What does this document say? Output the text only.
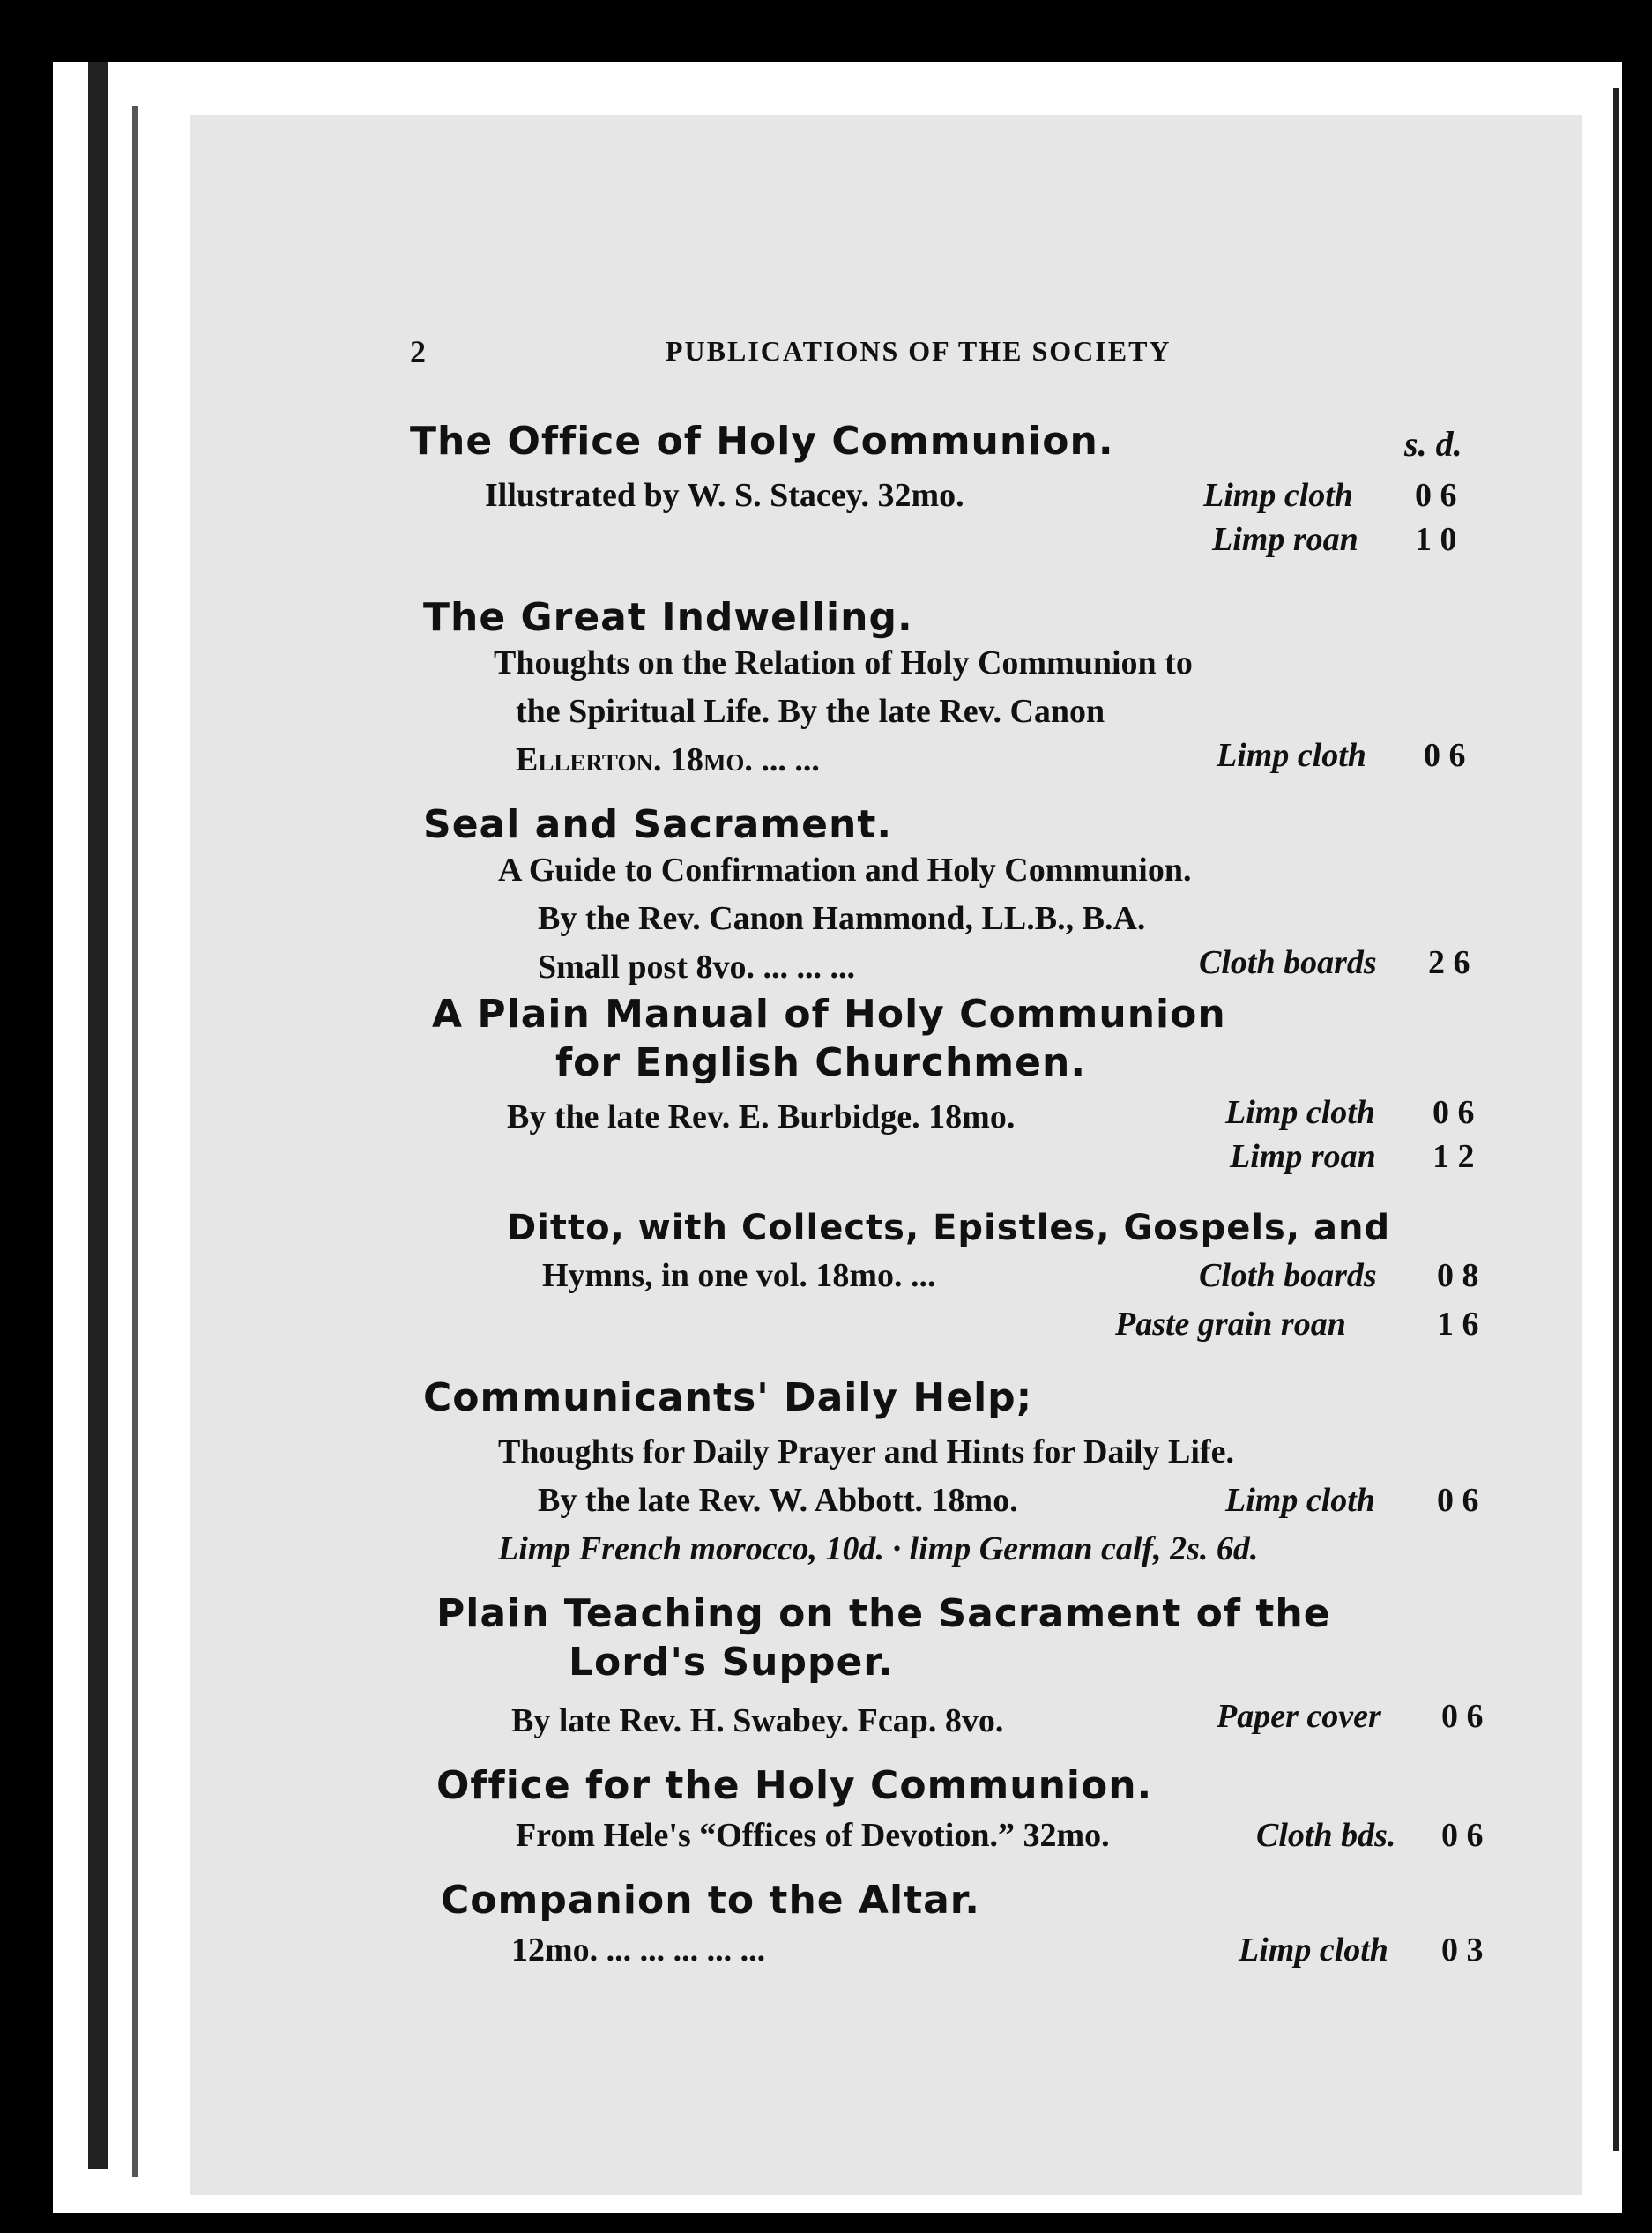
2	PUBLICATIONS OF THE SOCIETY
s. d.
The Office of Holy Communion.
Illustrated by W. S. Stacey. 32mo.	Limp cloth 0 6
Limp roan 1 0
The Great Indwelling.
Thoughts on the Relation of Holy Communion to
the Spiritual Life. By the late Rev. Canon
Ellerton. 18mo. ... ...	Limp cloth 0 6
Seal and Sacrament.
A Guide to Confirmation and Holy Communion.
By the Rev. Canon Hammond, LL.B., B.A.
Small post 8vo. ... ... ...	Cloth boards 2 6
A Plain Manual of Holy Communion
for English Churchmen.
By the late Rev. E. Burbidge. 18mo.	Limp cloth 0 6
Limp roan 1 2
Ditto, with Collects, Epistles, Gospels, and
Hymns, in one vol. 18mo. ...	Cloth boards 0 8
Paste grain roan	1 6
Communicants' Daily Help;
Thoughts for Daily Prayer and Hints for Daily Life.
By the late Rev. W. Abbott. 18mo.	Limp cloth 0 6
Limp French morocco, 10d. · limp German calf, 2s. 6d.
Plain Teaching on the Sacrament of the
Lord's Supper.
By late Rev. H. Swabey. Fcap. 8vo.	Paper cover 0 6
Office for the Holy Communion.
From Hele's “Offices of Devotion.” 32mo.	Cloth bds. 0 6
Companion to the Altar.
12mo. ... ... ... ... ...	Limp cloth 0 3
